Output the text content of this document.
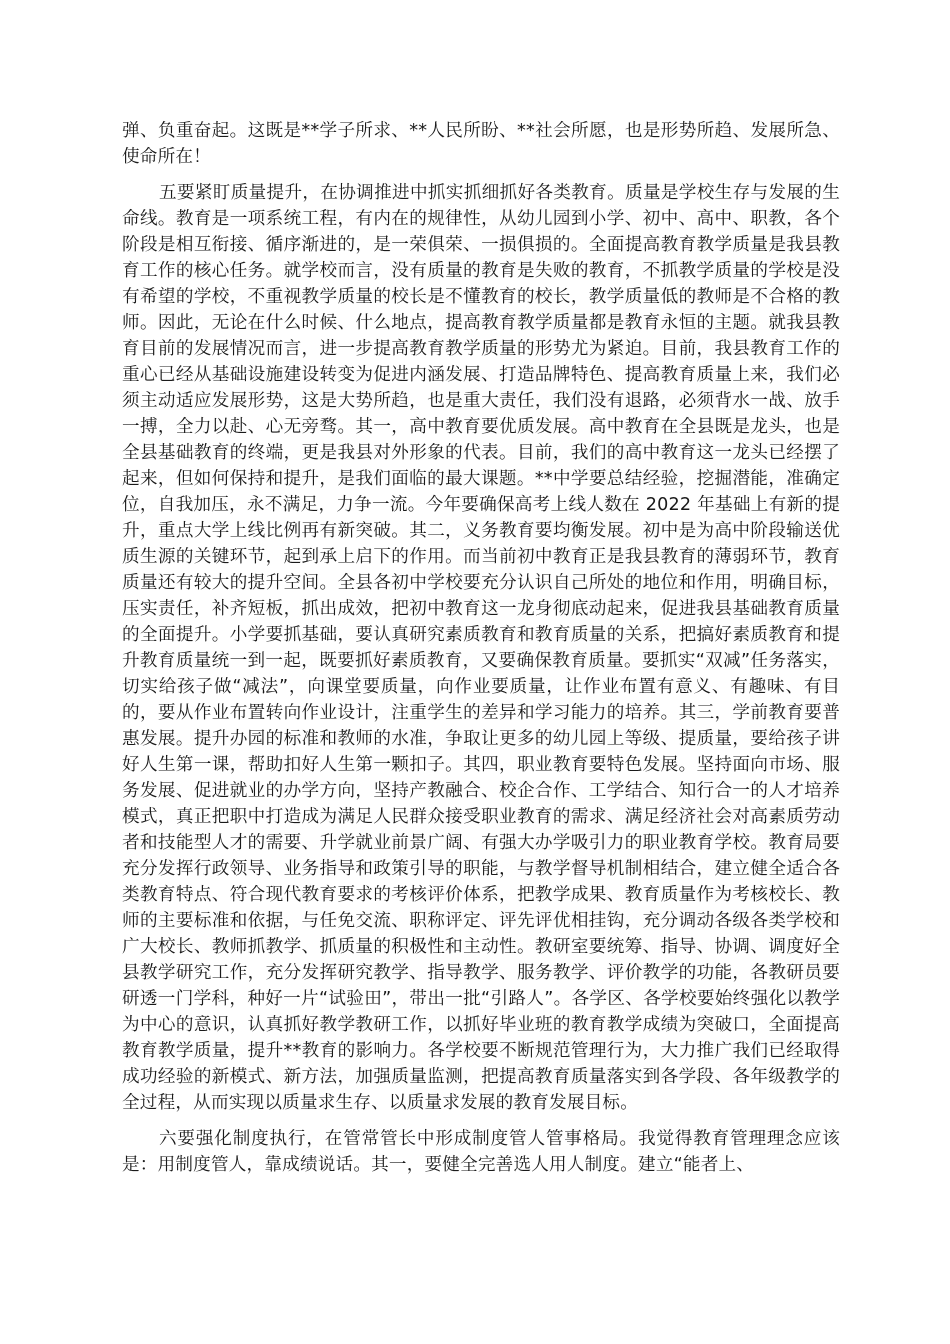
弹、负重奋起。这既是**学子所求、**人民所盼、**社会所愿，也是形势所趋、发展所急、使命所在！

五要紧盯质量提升，在协调推进中抓实抓细抓好各类教育。质量是学校生存与发展的生命线。教育是一项系统工程，有内在的规律性，从幼儿园到小学、初中、高中、职教，各个阶段是相互衔接、循序渐进的，是一荣俱荣、一损俱损的。全面提高教育教学质量是我县教育工作的核心任务。就学校而言，没有质量的教育是失败的教育，不抓教学质量的学校是没有希望的学校，不重视教学质量的校长是不懂教育的校长，教学质量低的教师是不合格的教师。因此，无论在什么时候、什么地点，提高教育教学质量都是教育永恒的主题。就我县教育目前的发展情况而言，进一步提高教育教学质量的形势尤为紧迫。目前，我县教育工作的重心已经从基础设施建设转变为促进内涵发展、打造品牌特色、提高教育质量上来，我们必须主动适应发展形势，这是大势所趋，也是重大责任，我们没有退路，必须背水一战、放手一搏，全力以赴、心无旁骛。其一，高中教育要优质发展。高中教育在全县既是龙头，也是全县基础教育的终端，更是我县对外形象的代表。目前，我们的高中教育这一龙头已经摆了起来，但如何保持和提升，是我们面临的最大课题。**中学要总结经验，挖掘潜能，准确定位，自我加压，永不满足，力争一流。今年要确保高考上线人数在 2022 年基础上有新的提升，重点大学上线比例再有新突破。其二，义务教育要均衡发展。初中是为高中阶段输送优质生源的关键环节，起到承上启下的作用。而当前初中教育正是我县教育的薄弱环节，教育质量还有较大的提升空间。全县各初中学校要充分认识自己所处的地位和作用，明确目标，压实责任，补齐短板，抓出成效，把初中教育这一龙身彻底动起来，促进我县基础教育质量的全面提升。小学要抓基础，要认真研究素质教育和教育质量的关系，把搞好素质教育和提升教育质量统一到一起，既要抓好素质教育，又要确保教育质量。要抓实“双减”任务落实，切实给孩子做“减法”，向课堂要质量，向作业要质量，让作业布置有意义、有趣味、有目的，要从作业布置转向作业设计，注重学生的差异和学习能力的培养。其三，学前教育要普惠发展。提升办园的标准和教师的水准，争取让更多的幼儿园上等级、提质量，要给孩子讲好人生第一课，帮助扣好人生第一颗扣子。其四，职业教育要特色发展。坚持面向市场、服务发展、促进就业的办学方向，坚持产教融合、校企合作、工学结合、知行合一的人才培养模式，真正把职中打造成为满足人民群众接受职业教育的需求、满足经济社会对高素质劳动者和技能型人才的需要、升学就业前景广阔、有强大办学吸引力的职业教育学校。教育局要充分发挥行政领导、业务指导和政策引导的职能，与教学督导机制相结合，建立健全适合各类教育特点、符合现代教育要求的考核评价体系，把教学成果、教育质量作为考核校长、教师的主要标准和依据，与任免交流、职称评定、评先评优相挂钩，充分调动各级各类学校和广大校长、教师抓教学、抓质量的积极性和主动性。教研室要统筹、指导、协调、调度好全县教学研究工作，充分发挥研究教学、指导教学、服务教学、评价教学的功能，各教研员要研透一门学科，种好一片“试验田”，带出一批“引路人”。各学区、各学校要始终强化以教学为中心的意识，认真抓好教学教研工作，以抓好毕业班的教育教学成绩为突破口，全面提高教育教学质量，提升**教育的影响力。各学校要不断规范管理行为，大力推广我们已经取得成功经验的新模式、新方法，加强质量监测，把提高教育质量落实到各学段、各年级教学的全过程，从而实现以质量求生存、以质量求发展的教育发展目标。

六要强化制度执行，在管常管长中形成制度管人管事格局。我觉得教育管理理念应该是：用制度管人，靠成绩说话。其一，要健全完善选人用人制度。建立“能者上、
